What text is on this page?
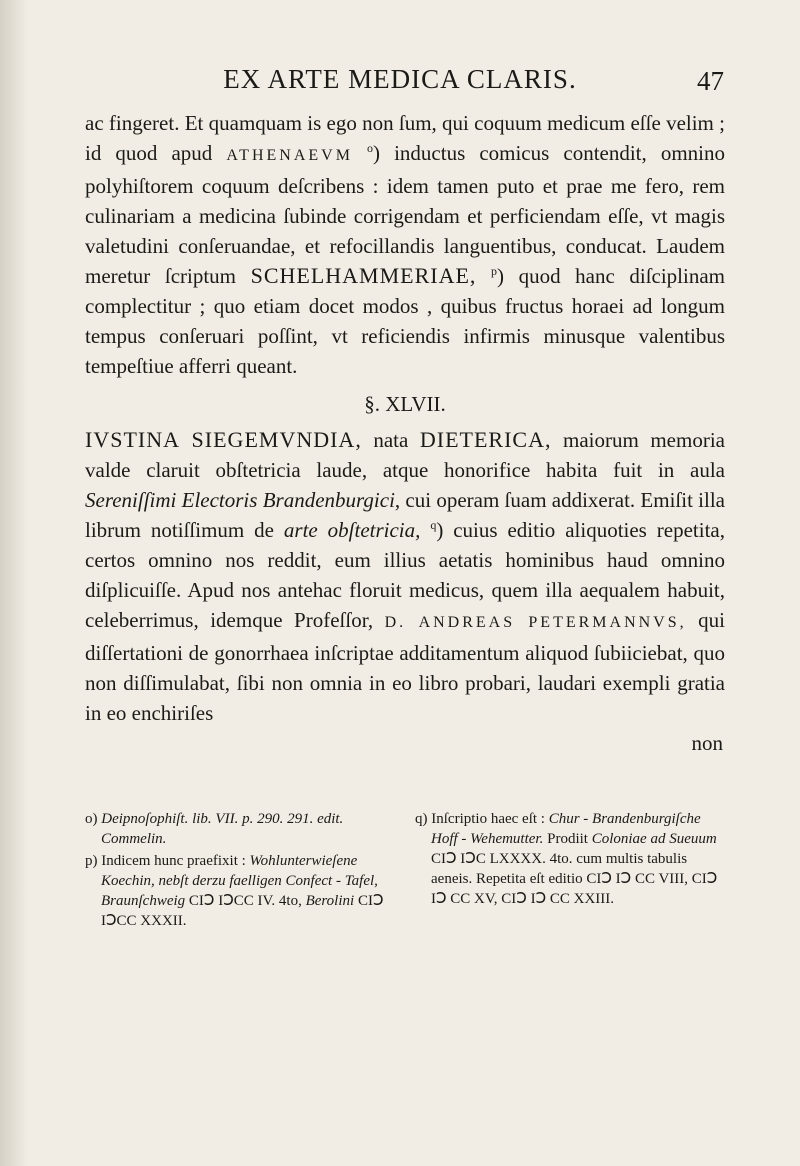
EX ARTE MEDICA CLARIS.	47

ac fingeret. Et quamquam is ego non ſum, qui coquum medicum eſſe velim ; id quod apud ATHENAEVM $^o$) inductus comicus contendit, omnino polyhiſtorem coquum deſcribens : idem tamen puto et prae me fero, rem culinariam a medicina ſubinde corrigendam et perficiendam eſſe, vt magis valetudini conſeruandae, et refocillandis languentibus, conducat. Laudem meretur ſcriptum SCHELHAMMERIAE, $^p$) quod hanc diſciplinam complectitur ; quo etiam docet modos , quibus fructus horaei ad longum tempus conſeruari poſſint, vt reficiendis infirmis minusque valentibus tempeſtiue afferri queant.

§. XLVII.

IVSTINA SIEGEMVNDIA, nata DIETERICA, maiorum memoria valde claruit obſtetricia laude, atque honorifice habita fuit in aula Sereniſſimi Electoris Brandenburgici, cui operam ſuam addixerat. Emiſit illa librum notiſſimum de arte obſtetricia, $^q$) cuius editio aliquoties repetita, certos omnino nos reddit, eum illius aetatis hominibus haud omnino diſplicuiſſe. Apud nos antehac floruit medicus, quem illa aequalem habuit, celeberrimus, idemque Profeſſor, D. ANDREAS PETERMANNVS, qui diſſertationi de gonorrhaea inſcriptae additamentum aliquod ſubiiciebat, quo non diſſimulabat, ſibi non omnia in eo libro probari, laudari exempli gratia in eo enchiriſes

non

o) Deipnoſophiſt. lib. VII. p. 290. 291. edit. Commelin.

p) Indicem hunc praefixit : Wohlunterwieſene Koechin, nebſt derzu faelligen Confect - Tafel, Braunſchweig CIↃ IↃCC IV. 4to, Berolini CIↃ IↃCC XXXII.

q) Inſcriptio haec eſt : Chur - Brandenburgiſche Hoff - Wehemutter. Prodiit Coloniae ad Sueuum CIↃ IↃC LXXXX. 4to. cum multis tabulis aeneis. Repetita eſt editio CIↃ IↃ CC VIII, CIↃ IↃ CC XV, CIↃ IↃ CC XXIII.
